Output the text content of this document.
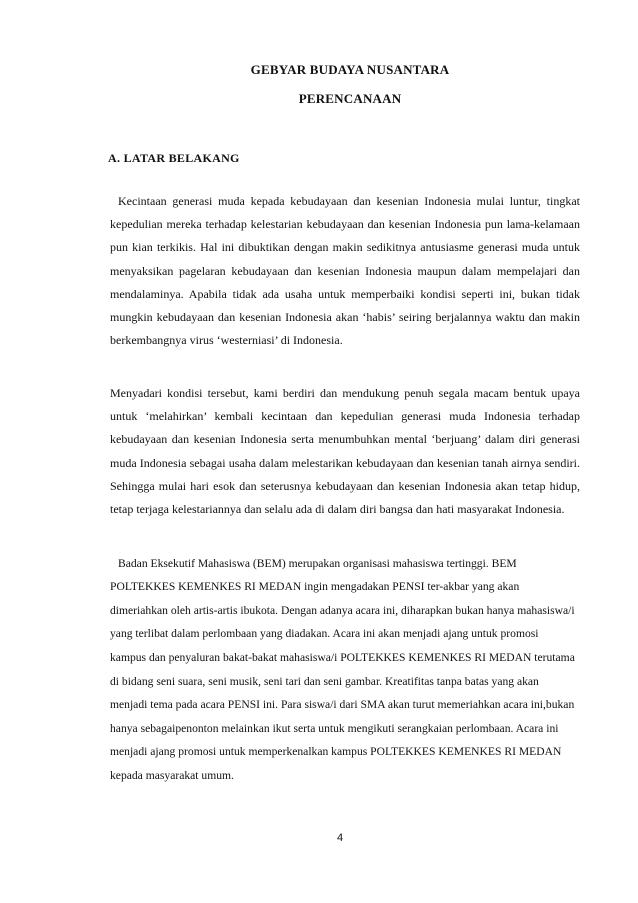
GEBYAR BUDAYA NUSANTARA
PERENCANAAN
A. LATAR BELAKANG

Kecintaan generasi muda kepada kebudayaan dan kesenian Indonesia mulai luntur, tingkat kepedulian mereka terhadap kelestarian kebudayaan dan kesenian Indonesia pun lama-kelamaan pun kian terkikis. Hal ini dibuktikan dengan makin sedikitnya antusiasme generasi muda untuk menyaksikan pagelaran kebudayaan dan kesenian Indonesia maupun dalam mempelajari dan mendalaminya. Apabila tidak ada usaha untuk memperbaiki kondisi seperti ini, bukan tidak mungkin kebudayaan dan kesenian Indonesia akan ‘habis’ seiring berjalannya waktu dan makin berkembangnya virus ‘westerniasi’ di Indonesia.

Menyadari kondisi tersebut, kami berdiri dan mendukung penuh segala macam bentuk upaya untuk ‘melahirkan’ kembali kecintaan dan kepedulian generasi muda Indonesia terhadap kebudayaan dan kesenian Indonesia serta menumbuhkan mental ‘berjuang’ dalam diri generasi muda Indonesia sebagai usaha dalam melestarikan kebudayaan dan kesenian tanah airnya sendiri. Sehingga mulai hari esok dan seterusnya kebudayaan dan kesenian Indonesia akan tetap hidup, tetap terjaga kelestariannya dan selalu ada di dalam diri bangsa dan hati masyarakat Indonesia.

Badan Eksekutif Mahasiswa (BEM) merupakan organisasi mahasiswa tertinggi. BEM POLTEKKES KEMENKES RI MEDAN ingin mengadakan PENSI ter-akbar yang akan dimeriahkan oleh artis-artis ibukota. Dengan adanya acara ini, diharapkan bukan hanya mahasiswa/i yang terlibat dalam perlombaan yang diadakan. Acara ini akan menjadi ajang untuk promosi kampus dan penyaluran bakat-bakat mahasiswa/i POLTEKKES KEMENKES RI MEDAN terutama di bidang seni suara, seni musik, seni tari dan seni gambar. Kreatifitas tanpa batas yang akan menjadi tema pada acara PENSI ini. Para siswa/i dari SMA akan turut memeriahkan acara ini,bukan hanya sebagaipenonton melainkan ikut serta untuk mengikuti serangkaian perlombaan. Acara ini menjadi ajang promosi untuk memperkenalkan kampus POLTEKKES KEMENKES RI MEDAN kepada masyarakat umum.

4
